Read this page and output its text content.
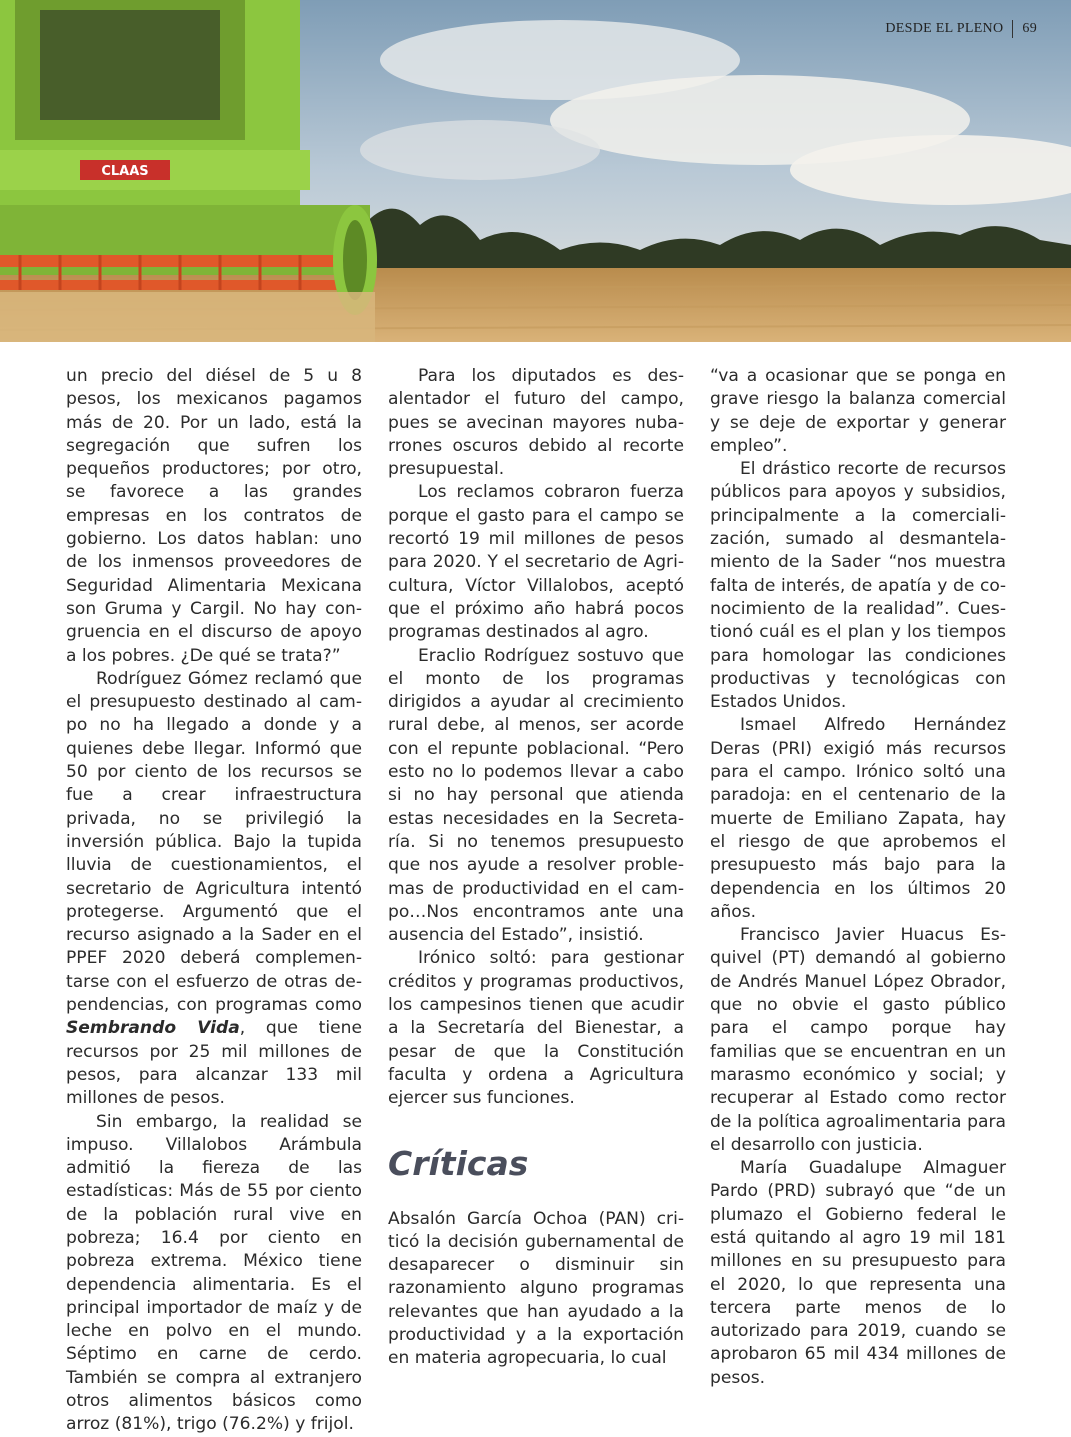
CLAAS
DESDE EL PLENO 69

un precio del diésel de 5 u 8 pesos, los mexicanos pagamos más de 20. Por un lado, está la segregación que sufren los pequeños productores; por otro, se favorece a las grandes empresas en los contratos de gobierno. Los datos hablan: uno de los inmensos proveedores de Seguridad Alimentaria Mexicana son Gruma y Cargil. No hay congruencia en el discurso de apoyo a los pobres. ¿De qué se trata?”

Rodríguez Gómez reclamó que el presupuesto destinado al campo no ha llegado a donde y a quienes debe llegar. Informó que 50 por ciento de los recursos se fue a crear infraestructura privada, no se privilegió la inversión pública. Bajo la tupida lluvia de cuestionamientos, el secretario de Agricultura intentó protegerse. Argumentó que el recurso asignado a la Sader en el PPEF 2020 deberá complementarse con el esfuerzo de otras dependencias, con programas como Sembrando Vida, que tiene recursos por 25 mil millones de pesos, para alcanzar 133 mil millones de pesos.

Sin embargo, la realidad se impuso. Villalobos Arámbula admitió la fiereza de las estadísticas: Más de 55 por ciento de la población rural vive en pobreza; 16.4 por ciento en pobreza extrema. México tiene dependencia alimentaria. Es el principal importador de maíz y de leche en polvo en el mundo. Séptimo en carne de cerdo. También se compra al extranjero otros alimentos básicos como arroz (81%), trigo (76.2%) y frijol.

Para los diputados es desalentador el futuro del campo, pues se avecinan mayores nubarrones oscuros debido al recorte presupuestal.

Los reclamos cobraron fuerza porque el gasto para el campo se recortó 19 mil millones de pesos para 2020. Y el secretario de Agricultura, Víctor Villalobos, aceptó que el próximo año habrá pocos programas destinados al agro.

Eraclio Rodríguez sostuvo que el monto de los programas dirigidos a ayudar al crecimiento rural debe, al menos, ser acorde con el repunte poblacional. “Pero esto no lo podemos llevar a cabo si no hay personal que atienda estas necesidades en la Secretaría. Si no tenemos presupuesto que nos ayude a resolver problemas de productividad en el campo…Nos encontramos ante una ausencia del Estado”, insistió.

Irónico soltó: para gestionar créditos y programas productivos, los campesinos tienen que acudir a la Secretaría del Bienestar, a pesar de que la Constitución faculta y ordena a Agricultura ejercer sus funciones.

Críticas

Absalón García Ochoa (PAN) criticó la decisión gubernamental de desaparecer o disminuir sin razonamiento alguno programas relevantes que han ayudado a la productividad y a la exportación en materia agropecuaria, lo cual

“va a ocasionar que se ponga en grave riesgo la balanza comercial y se deje de exportar y generar empleo”.

El drástico recorte de recursos públicos para apoyos y subsidios, principalmente a la comercialización, sumado al desmantelamiento de la Sader “nos muestra falta de interés, de apatía y de conocimiento de la realidad”. Cuestionó cuál es el plan y los tiempos para homologar las condiciones productivas y tecnológicas con Estados Unidos.

Ismael Alfredo Hernández Deras (PRI) exigió más recursos para el campo. Irónico soltó una paradoja: en el centenario de la muerte de Emiliano Zapata, hay el riesgo de que aprobemos el presupuesto más bajo para la dependencia en los últimos 20 años.

Francisco Javier Huacus Esquivel (PT) demandó al gobierno de Andrés Manuel López Obrador, que no obvie el gasto público para el campo porque hay familias que se encuentran en un marasmo económico y social; y recuperar al Estado como rector de la política agroalimentaria para el desarrollo con justicia.

María Guadalupe Almaguer Pardo (PRD) subrayó que “de un plumazo el Gobierno federal le está quitando al agro 19 mil 181 millones en su presupuesto para el 2020, lo que representa una tercera parte menos de lo autorizado para 2019, cuando se aprobaron 65 mil 434 millones de pesos.
